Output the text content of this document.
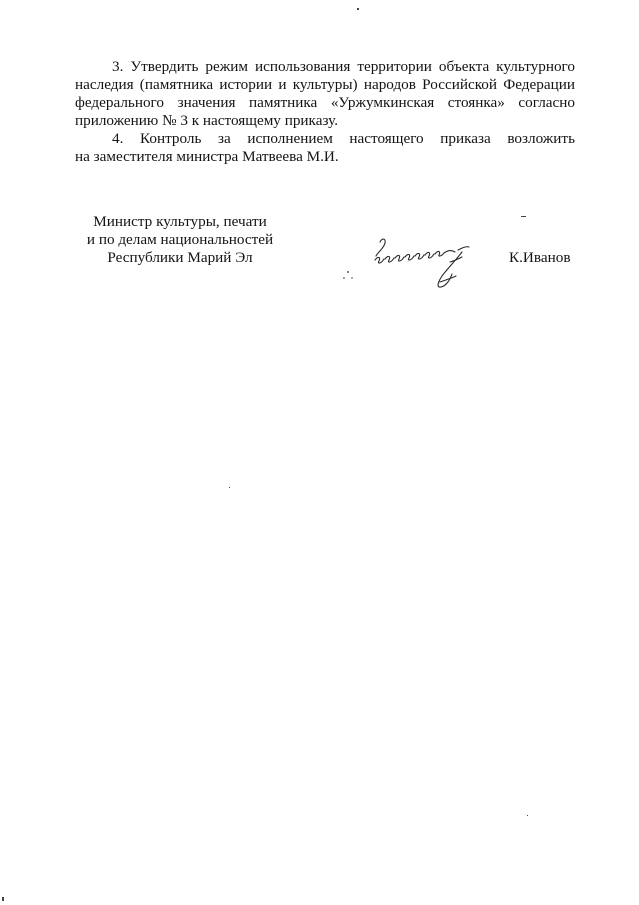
3. Утвердить режим использования территории объекта культурного
наследия (памятника истории и культуры) народов Российской Федерации
федерального значения памятника «Уржумкинская стоянка» согласно
приложению № 3 к настоящему приказу.

4. Контроль за исполнением настоящего приказа возложить
на заместителя министра Матвеева М.И.

Министр культуры, печати
и по делам национальностей
Республики Марий Эл	К.Иванов
